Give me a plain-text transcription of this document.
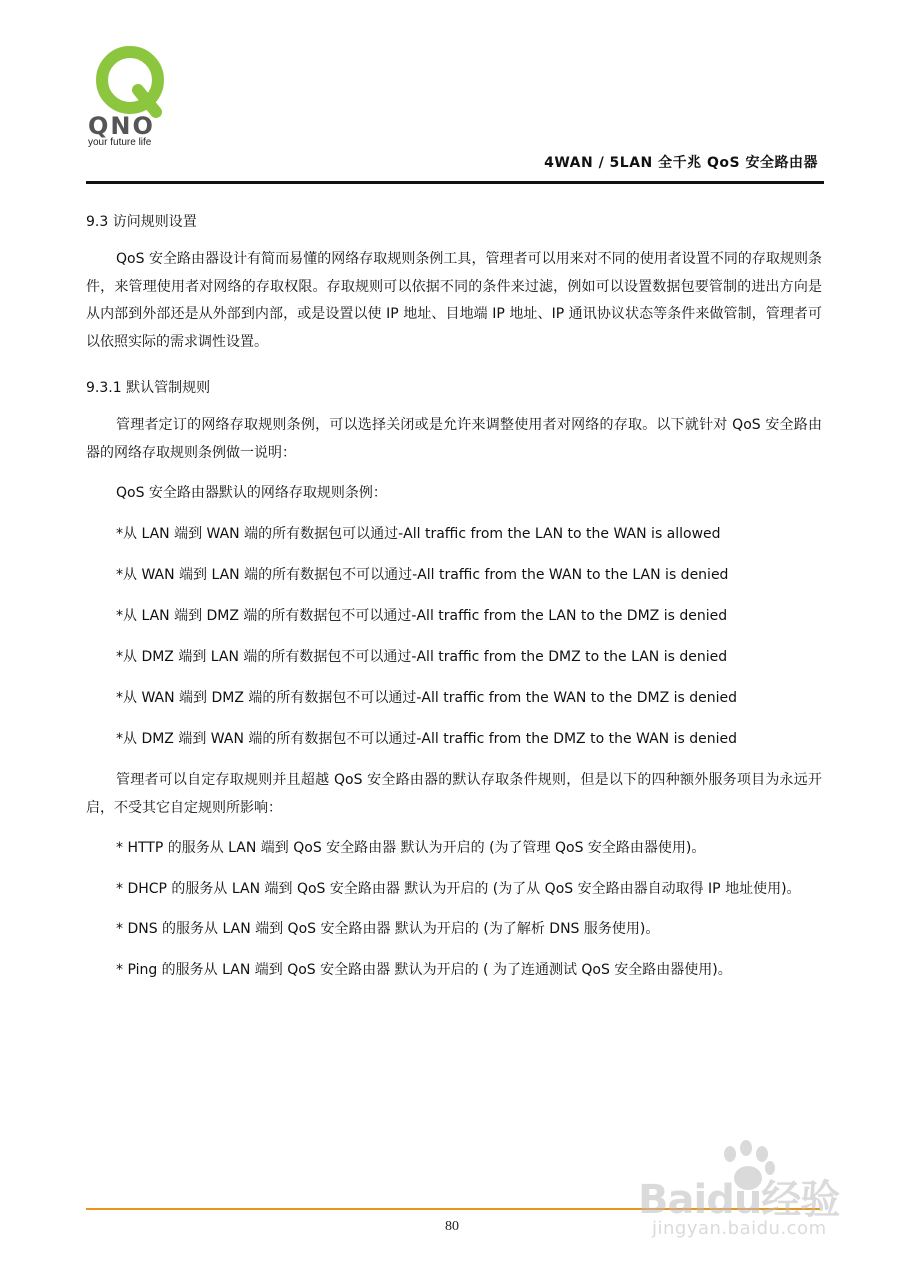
QNO
your future life
4WAN / 5LAN 全千兆 QoS 安全路由器

9.3 访问规则设置

QoS 安全路由器设计有简而易懂的网络存取规则条例工具，管理者可以用来对不同的使用者设置不同的存取规则条件，来管理使用者对网络的存取权限。存取规则可以依据不同的条件来过滤，例如可以设置数据包要管制的进出方向是从内部到外部还是从外部到内部，或是设置以使 IP 地址、目地端 IP 地址、IP 通讯协议状态等条件来做管制，管理者可以依照实际的需求调性设置。

9.3.1 默认管制规则

管理者定订的网络存取规则条例，可以选择关闭或是允许来调整使用者对网络的存取。以下就针对 QoS 安全路由器的网络存取规则条例做一说明：

QoS 安全路由器默认的网络存取规则条例：

*从 LAN 端到 WAN 端的所有数据包可以通过-All traffic from the LAN to the WAN is allowed

*从 WAN 端到 LAN 端的所有数据包不可以通过-All traffic from the WAN to the LAN is denied

*从 LAN 端到 DMZ 端的所有数据包不可以通过-All traffic from the LAN to the DMZ is denied

*从 DMZ 端到 LAN 端的所有数据包不可以通过-All traffic from the DMZ to the LAN is denied

*从 WAN 端到 DMZ 端的所有数据包不可以通过-All traffic from the WAN to the DMZ is denied

*从 DMZ 端到 WAN 端的所有数据包不可以通过-All traffic from the DMZ to the WAN is denied

管理者可以自定存取规则并且超越 QoS 安全路由器的默认存取条件规则，但是以下的四种额外服务项目为永远开启，不受其它自定规则所影响：

* HTTP 的服务从 LAN 端到 QoS 安全路由器 默认为开启的 (为了管理 QoS 安全路由器使用)。

* DHCP 的服务从 LAN 端到 QoS 安全路由器 默认为开启的 (为了从 QoS 安全路由器自动取得 IP 地址使用)。

* DNS 的服务从 LAN 端到 QoS 安全路由器 默认为开启的 (为了解析 DNS 服务使用)。

* Ping 的服务从 LAN 端到 QoS 安全路由器 默认为开启的 ( 为了连通测试 QoS 安全路由器使用)。

80
Baidu经验
jingyan.baidu.com
